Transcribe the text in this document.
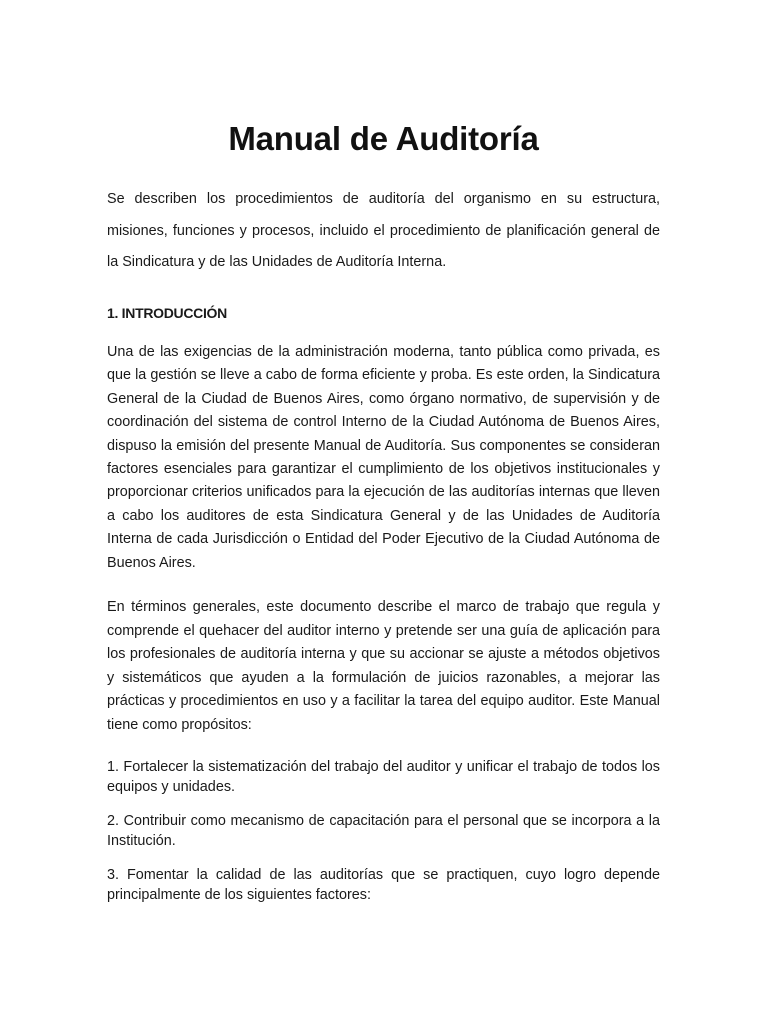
Manual de Auditoría

Se describen los procedimientos de auditoría del organismo en su estructura, misiones, funciones y procesos, incluido el procedimiento de planificación general de la Sindicatura y de las Unidades de Auditoría Interna.

1. INTRODUCCIÓN

Una de las exigencias de la administración moderna, tanto pública como privada, es que la gestión se lleve a cabo de forma eficiente y proba. Es este orden, la Sindicatura General de la Ciudad de Buenos Aires, como órgano normativo, de supervisión y de coordinación del sistema de control Interno de la Ciudad Autónoma de Buenos Aires, dispuso la emisión del presente Manual de Auditoría. Sus componentes se consideran factores esenciales para garantizar el cumplimiento de los objetivos institucionales y proporcionar criterios unificados para la ejecución de las auditorías internas que lleven a cabo los auditores de esta Sindicatura General y de las Unidades de Auditoría Interna de cada Jurisdicción o Entidad del Poder Ejecutivo de la Ciudad Autónoma de Buenos Aires.

En términos generales, este documento describe el marco de trabajo que regula y comprende el quehacer del auditor interno y pretende ser una guía de aplicación para los profesionales de auditoría interna y que su accionar se ajuste a métodos objetivos y sistemáticos que ayuden a la formulación de juicios razonables, a mejorar las prácticas y procedimientos en uso y a facilitar la tarea del equipo auditor. Este Manual tiene como propósitos:

1. Fortalecer la sistematización del trabajo del auditor y unificar el trabajo de todos los equipos y unidades.

2. Contribuir como mecanismo de capacitación para el personal que se incorpora a la Institución.

3. Fomentar la calidad de las auditorías que se practiquen, cuyo logro depende principalmente de los siguientes factores:
